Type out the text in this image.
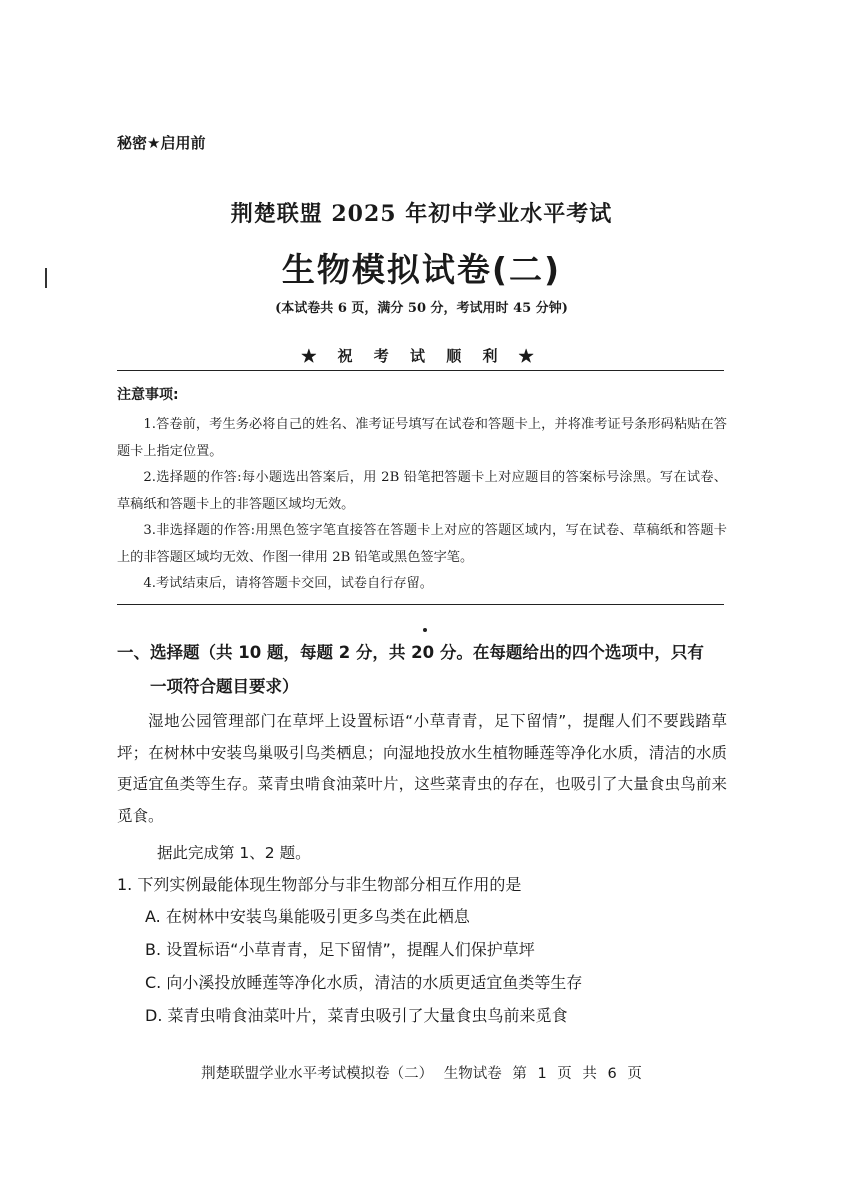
秘密★启用前
荆楚联盟 2025 年初中学业水平考试
生物模拟试卷(二)
(本试卷共 6 页，满分 50 分，考试用时 45 分钟)
★ 祝 考 试 顺 利 ★
注意事项:

1.答卷前，考生务必将自己的姓名、准考证号填写在试卷和答题卡上，并将准考证号条形码粘贴在答题卡上指定位置。

2.选择题的作答:每小题选出答案后，用 2B 铅笔把答题卡上对应题目的答案标号涂黑。写在试卷、草稿纸和答题卡上的非答题区域均无效。

3.非选择题的作答:用黑色签字笔直接答在答题卡上对应的答题区域内，写在试卷、草稿纸和答题卡上的非答题区域均无效、作图一律用 2B 铅笔或黑色签字笔。

4.考试结束后，请将答题卡交回，试卷自行存留。

一、选择题（共 10 题，每题 2 分，共 20 分。在每题给出的四个选项中，只有
一项符合题目要求）
湿地公园管理部门在草坪上设置标语“小草青青，足下留情”，提醒人们不要践踏草坪；在树林中安装鸟巢吸引鸟类栖息；向湿地投放水生植物睡莲等净化水质，清洁的水质更适宜鱼类等生存。菜青虫啃食油菜叶片，这些菜青虫的存在，也吸引了大量食虫鸟前来觅食。
据此完成第 1、2 题。
1. 下列实例最能体现生物部分与非生物部分相互作用的是
A. 在树林中安装鸟巢能吸引更多鸟类在此栖息
B. 设置标语“小草青青，足下留情”，提醒人们保护草坪
C. 向小溪投放睡莲等净化水质，清洁的水质更适宜鱼类等生存
D. 菜青虫啃食油菜叶片，菜青虫吸引了大量食虫鸟前来觅食
荆楚联盟学业水平考试模拟卷（二） 生物试卷 第 1 页 共 6 页
